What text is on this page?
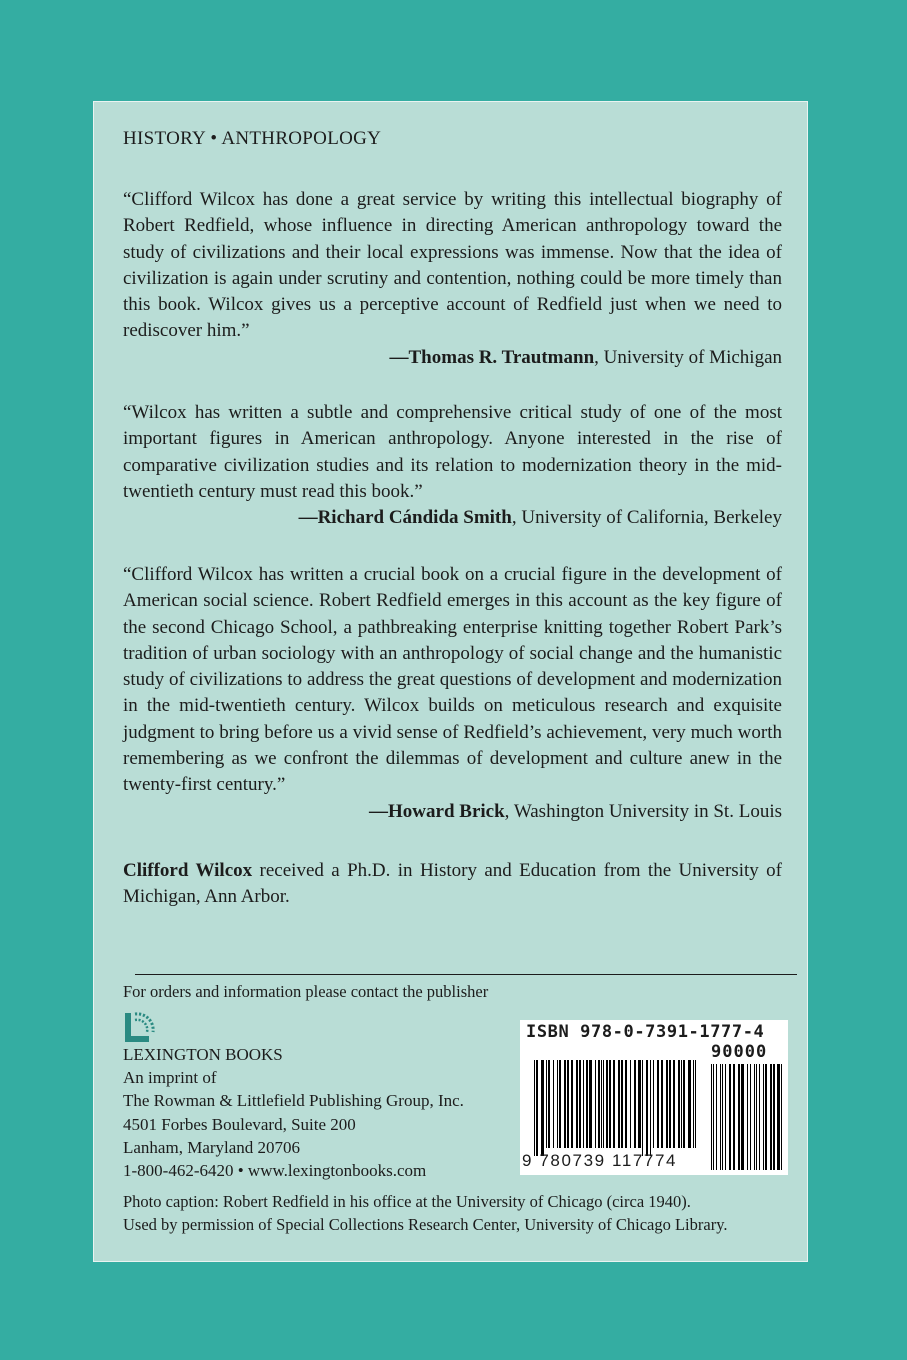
HISTORY • ANTHROPOLOGY

“Clifford Wilcox has done a great service by writing this intellectual biography of Robert Redfield, whose influence in directing American anthropology toward the study of civilizations and their local expressions was immense. Now that the idea of civilization is again under scrutiny and contention, nothing could be more timely than this book. Wilcox gives us a perceptive account of Redfield just when we need to rediscover him.”

—Thomas R. Trautmann, University of Michigan

“Wilcox has written a subtle and comprehensive critical study of one of the most important figures in American anthropology. Anyone interested in the rise of comparative civilization studies and its relation to modernization theory in the mid-twentieth century must read this book.”

—Richard Cándida Smith, University of California, Berkeley

“Clifford Wilcox has written a crucial book on a crucial figure in the development of American social science. Robert Redfield emerges in this account as the key figure of the second Chicago School, a pathbreaking enterprise knitting together Robert Park’s tradition of urban sociology with an anthropology of social change and the humanistic study of civilizations to address the great questions of development and modernization in the mid-twentieth century. Wilcox builds on meticulous research and exquisite judgment to bring before us a vivid sense of Redfield’s achievement, very much worth remembering as we confront the dilemmas of development and culture anew in the twenty-first century.”

—Howard Brick, Washington University in St. Louis

Clifford Wilcox received a Ph.D. in History and Education from the University of Michigan, Ann Arbor.

For orders and information please contact the publisher
LEXINGTON BOOKS
An imprint of
The Rowman & Littlefield Publishing Group, Inc.
4501 Forbes Boulevard, Suite 200
Lanham, Maryland 20706
1-800-462-6420 • www.lexingtonbooks.com
ISBN 978-0-7391-1777-4
90000
9 780739 117774
Photo caption: Robert Redfield in his office at the University of Chicago (circa 1940).
Used by permission of Special Collections Research Center, University of Chicago Library.
